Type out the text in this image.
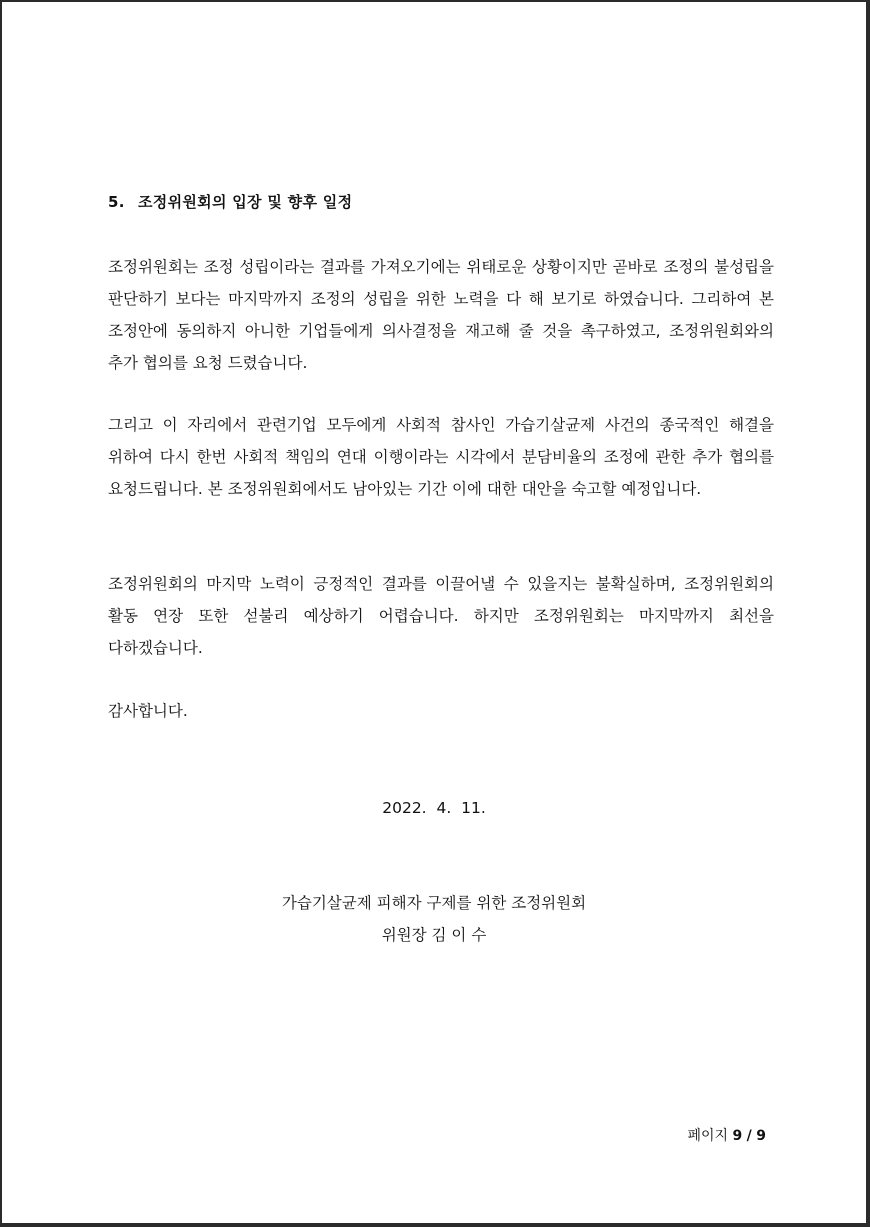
5. 조정위원회의 입장 및 향후 일정
조정위원회는 조정 성립이라는 결과를 가져오기에는 위태로운 상황이지만 곧바로 조정의 불성립을 판단하기 보다는 마지막까지 조정의 성립을 위한 노력을 다 해 보기로 하였습니다. 그리하여 본 조정안에 동의하지 아니한 기업들에게 의사결정을 재고해 줄 것을 촉구하였고, 조정위원회와의 추가 협의를 요청 드렸습니다.
그리고 이 자리에서 관련기업 모두에게 사회적 참사인 가습기살균제 사건의 종국적인 해결을 위하여 다시 한번 사회적 책임의 연대 이행이라는 시각에서 분담비율의 조정에 관한 추가 협의를 요청드립니다. 본 조정위원회에서도 남아있는 기간 이에 대한 대안을 숙고할 예정입니다.
조정위원회의 마지막 노력이 긍정적인 결과를 이끌어낼 수 있을지는 불확실하며, 조정위원회의 활동 연장 또한 섣불리 예상하기 어렵습니다. 하지만 조정위원회는 마지막까지 최선을 다하겠습니다.
감사합니다.
2022.  4.  11.
가습기살균제 피해자 구제를 위한 조정위원회
위원장 김 이 수
페이지 9 / 9
